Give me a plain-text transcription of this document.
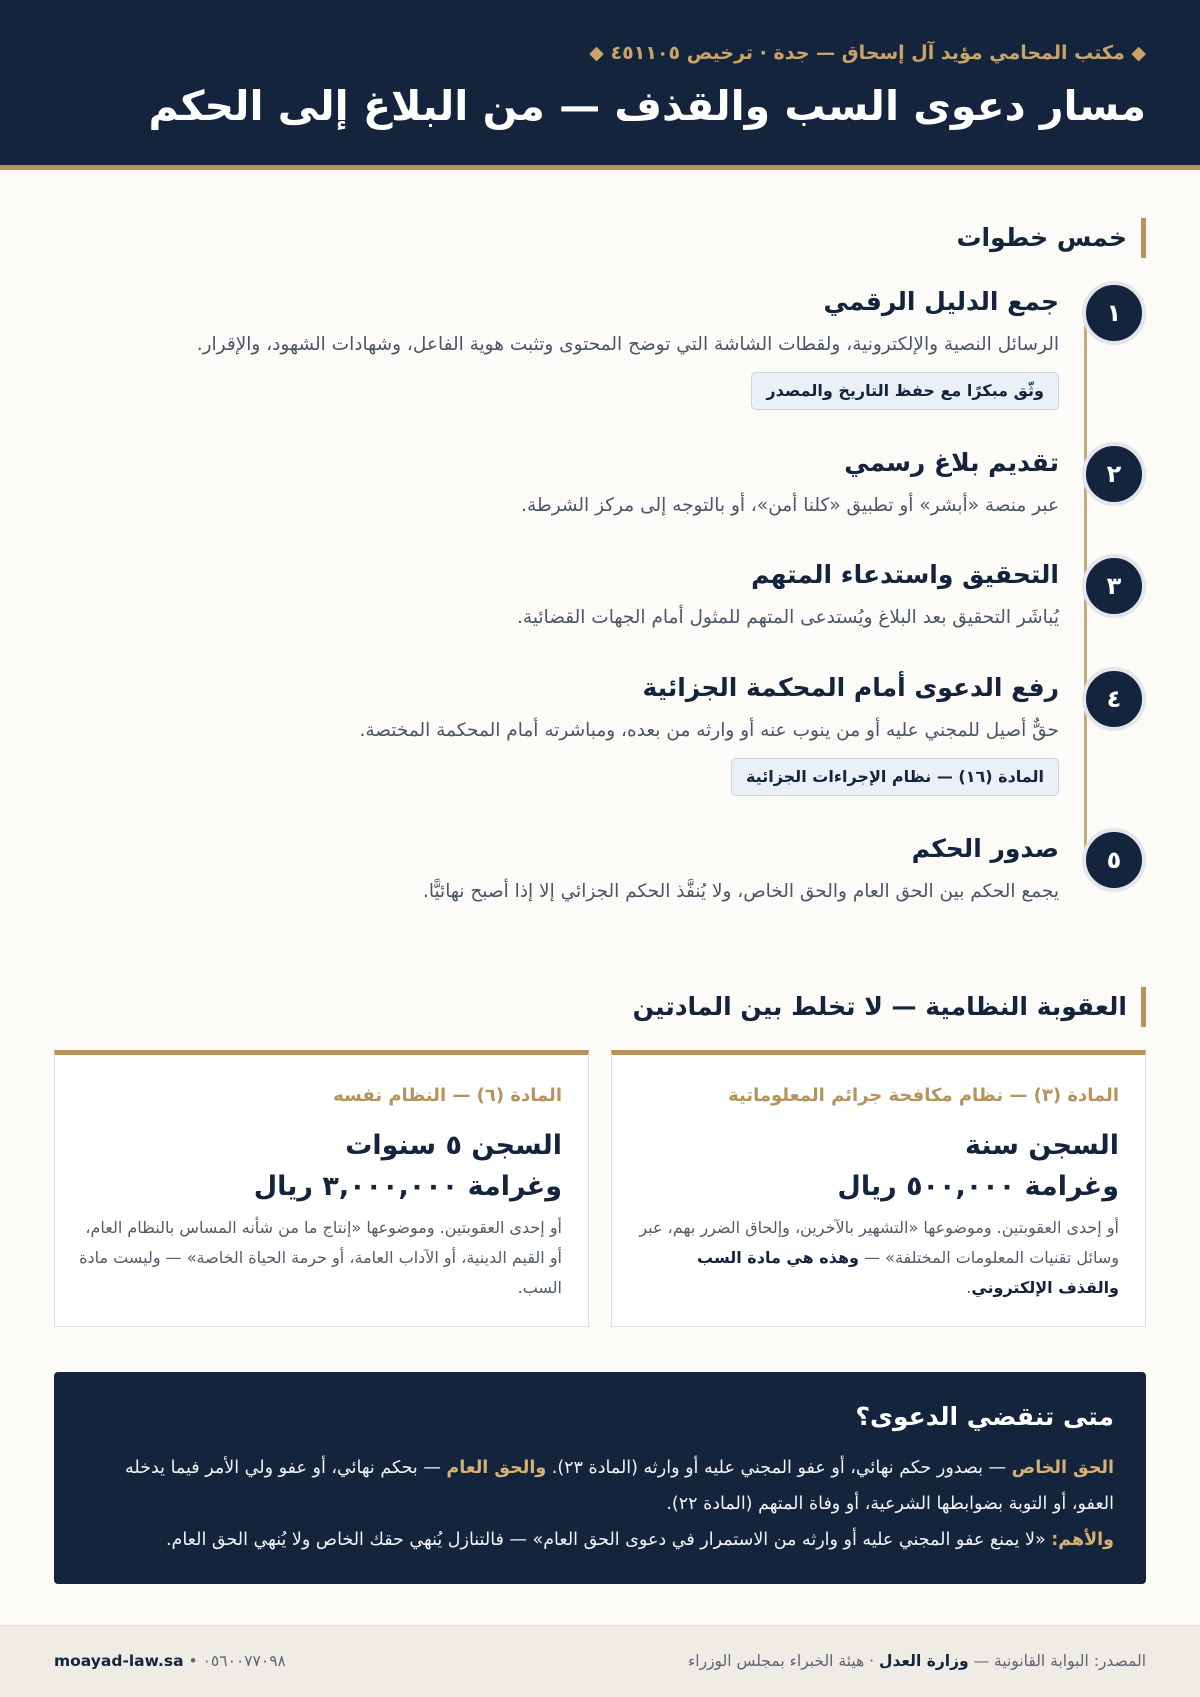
◆ مكتب المحامي مؤيد آل إسحاق — جدة · ترخيص ٤٥١١٠٥ ◆
مسار دعوى السب والقذف — من البلاغ إلى الحكم
خمس خطوات
١
جمع الدليل الرقمي
الرسائل النصية والإلكترونية، ولقطات الشاشة التي توضح المحتوى وتثبت هوية الفاعل، وشهادات الشهود، والإقرار.
وثّق مبكرًا مع حفظ التاريخ والمصدر
٢
تقديم بلاغ رسمي
عبر منصة «أبشر» أو تطبيق «كلنا أمن»، أو بالتوجه إلى مركز الشرطة.
٣
التحقيق واستدعاء المتهم
يُباشَر التحقيق بعد البلاغ ويُستدعى المتهم للمثول أمام الجهات القضائية.
٤
رفع الدعوى أمام المحكمة الجزائية
حقٌّ أصيل للمجني عليه أو من ينوب عنه أو وارثه من بعده، ومباشرته أمام المحكمة المختصة.
المادة (١٦) — نظام الإجراءات الجزائية
٥
صدور الحكم
يجمع الحكم بين الحق العام والحق الخاص، ولا يُنفَّذ الحكم الجزائي إلا إذا أصبح نهائيًّا.
العقوبة النظامية — لا تخلط بين المادتين
المادة (٣) — نظام مكافحة جرائم المعلوماتية
السجن سنة
وغرامة ٥٠٠,٠٠٠ ريال
أو إحدى العقوبتين. وموضوعها «التشهير بالآخرين، وإلحاق الضرر بهم، عبر وسائل تقنيات المعلومات المختلفة» — وهذه هي مادة السب والقذف الإلكتروني.
المادة (٦) — النظام نفسه
السجن ٥ سنوات
وغرامة ٣,٠٠٠,٠٠٠ ريال
أو إحدى العقوبتين. وموضوعها «إنتاج ما من شأنه المساس بالنظام العام، أو القيم الدينية، أو الآداب العامة، أو حرمة الحياة الخاصة» — وليست مادة السب.
متى تنقضي الدعوى؟
الحق الخاص — بصدور حكم نهائي، أو عفو المجني عليه أو وارثه (المادة ٢٣). والحق العام — بحكم نهائي، أو عفو ولي الأمر فيما يدخله العفو، أو التوبة بضوابطها الشرعية، أو وفاة المتهم (المادة ٢٢).
والأهم: «لا يمنع عفو المجني عليه أو وارثه من الاستمرار في دعوى الحق العام» — فالتنازل يُنهي حقك الخاص ولا يُنهي الحق العام.
المصدر: البوابة القانونية — وزارة العدل · هيئة الخبراء بمجلس الوزراء
moayad-law.sa • ٠٥٦٠٠٧٧٠٩٨
